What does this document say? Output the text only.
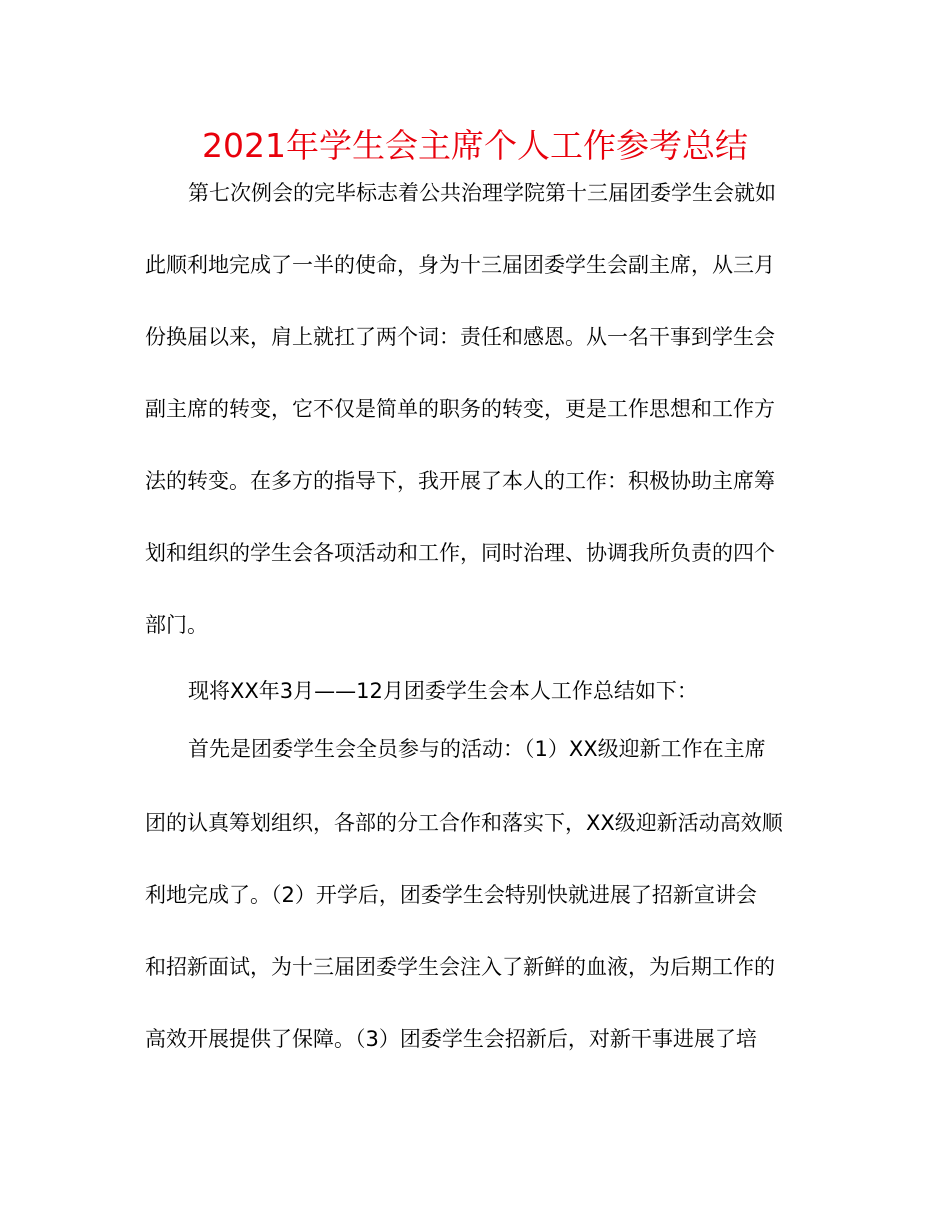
2021年学生会主席个人工作参考总结
第七次例会的完毕标志着公共治理学院第十三届团委学生会就如
此顺利地完成了一半的使命，身为十三届团委学生会副主席，从三月
份换届以来，肩上就扛了两个词：责任和感恩。从一名干事到学生会
副主席的转变，它不仅是简单的职务的转变，更是工作思想和工作方
法的转变。在多方的指导下，我开展了本人的工作：积极协助主席筹
划和组织的学生会各项活动和工作，同时治理、协调我所负责的四个
部门。
现将XX年3月——12月团委学生会本人工作总结如下：
首先是团委学生会全员参与的活动：（1）XX级迎新工作在主席
团的认真筹划组织，各部的分工合作和落实下，XX级迎新活动高效顺
利地完成了。（2）开学后，团委学生会特别快就进展了招新宣讲会
和招新面试，为十三届团委学生会注入了新鲜的血液，为后期工作的
高效开展提供了保障。（3）团委学生会招新后，对新干事进展了培
